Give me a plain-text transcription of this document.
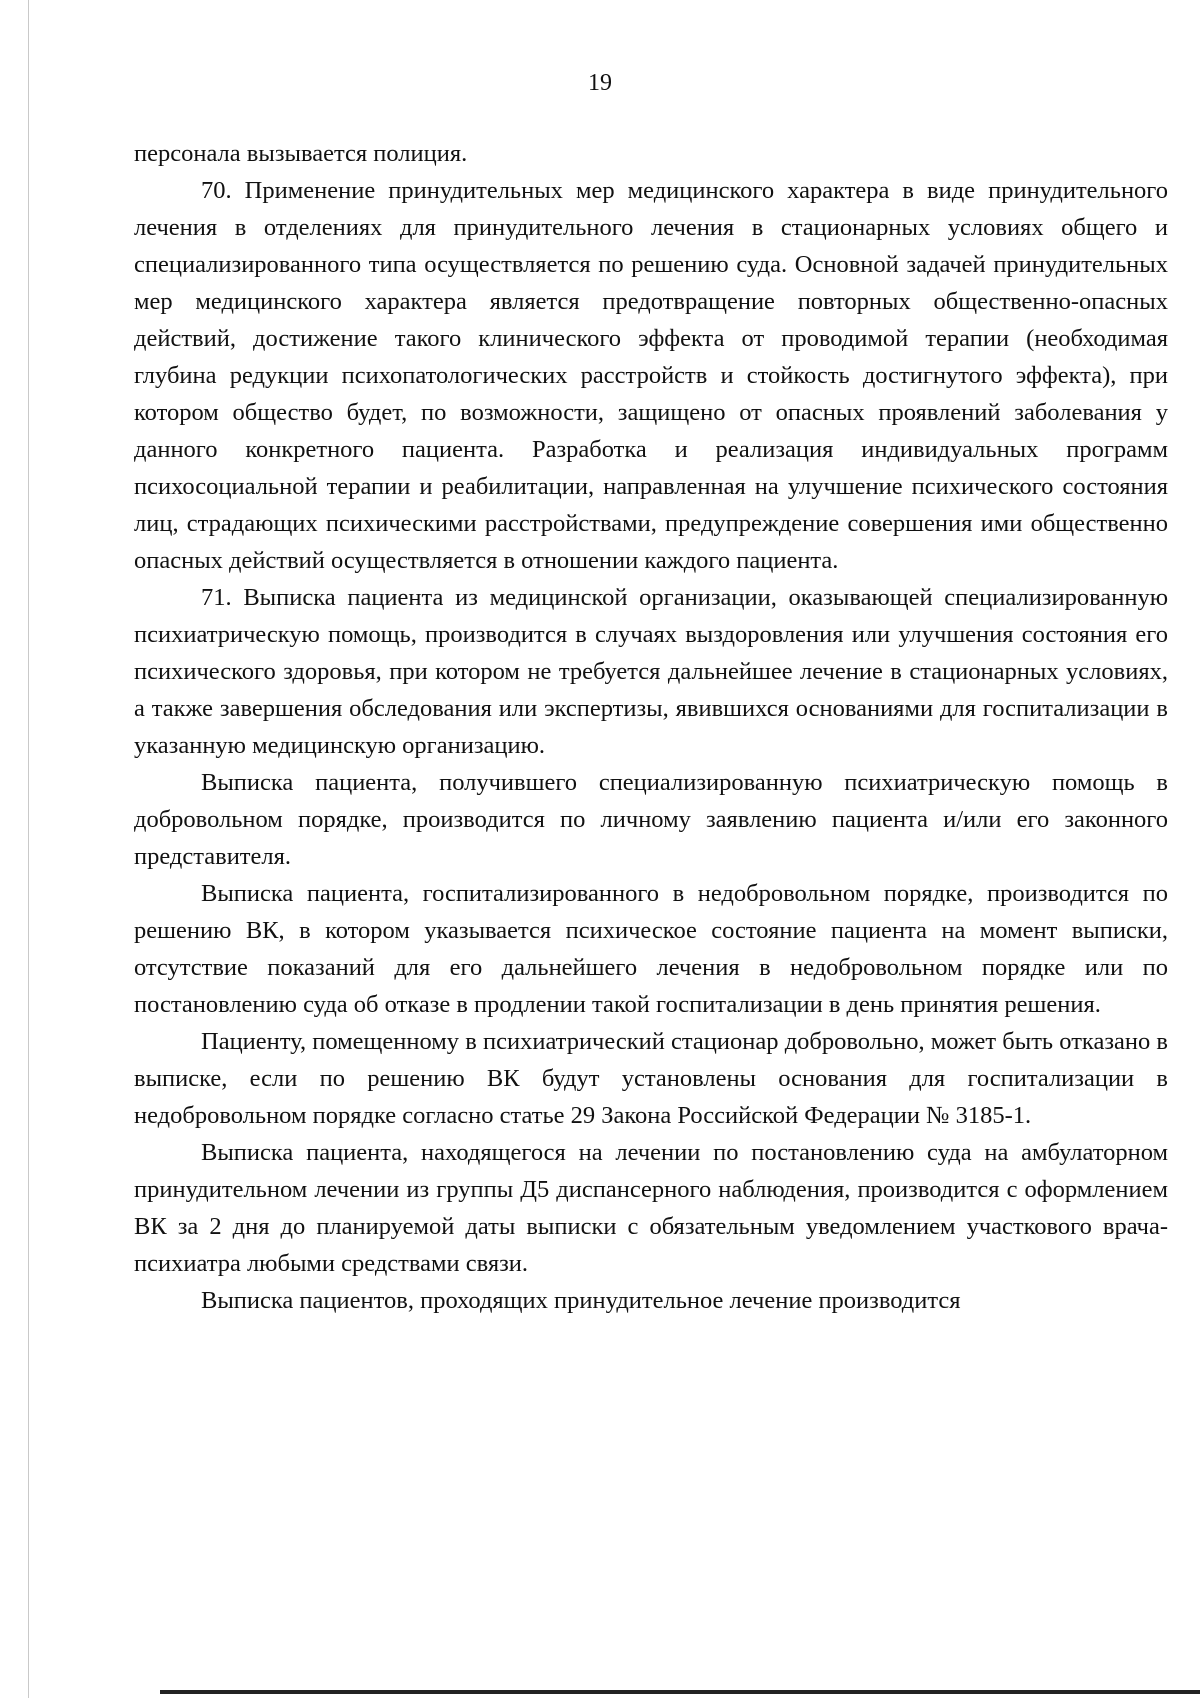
19

персонала вызывается полиция.

70. Применение принудительных мер медицинского характера в виде принудительного лечения в отделениях для принудительного лечения в стационарных условиях общего и специализированного типа осуществляется по решению суда. Основной задачей принудительных мер медицинского характера является предотвращение повторных общественно-опасных действий, достижение такого клинического эффекта от проводимой терапии (необходимая глубина редукции психопатологических расстройств и стойкость достигнутого эффекта), при котором общество будет, по возможности, защищено от опасных проявлений заболевания у данного конкретного пациента. Разработка и реализация индивидуальных программ психосоциальной терапии и реабилитации, направленная на улучшение психического состояния лиц, страдающих психическими расстройствами, предупреждение совершения ими общественно опасных действий осуществляется в отношении каждого пациента.

71. Выписка пациента из медицинской организации, оказывающей специализированную психиатрическую помощь, производится в случаях выздоровления или улучшения состояния его психического здоровья, при котором не требуется дальнейшее лечение в стационарных условиях, а также завершения обследования или экспертизы, явившихся основаниями для госпитализации в указанную медицинскую организацию.

Выписка пациента, получившего специализированную психиатрическую помощь в добровольном порядке, производится по личному заявлению пациента и/или его законного представителя.

Выписка пациента, госпитализированного в недобровольном порядке, производится по решению ВК, в котором указывается психическое состояние пациента на момент выписки, отсутствие показаний для его дальнейшего лечения в недобровольном порядке или по постановлению суда об отказе в продлении такой госпитализации в день принятия решения.

Пациенту, помещенному в психиатрический стационар добровольно, может быть отказано в выписке, если по решению ВК будут установлены основания для госпитализации в недобровольном порядке согласно статье 29 Закона Российской Федерации № 3185-1.

Выписка пациента, находящегося на лечении по постановлению суда на амбулаторном принудительном лечении из группы Д5 диспансерного наблюдения, производится с оформлением ВК за 2 дня до планируемой даты выписки с обязательным уведомлением участкового врача-психиатра любыми средствами связи.

Выписка пациентов, проходящих принудительное лечение производится
